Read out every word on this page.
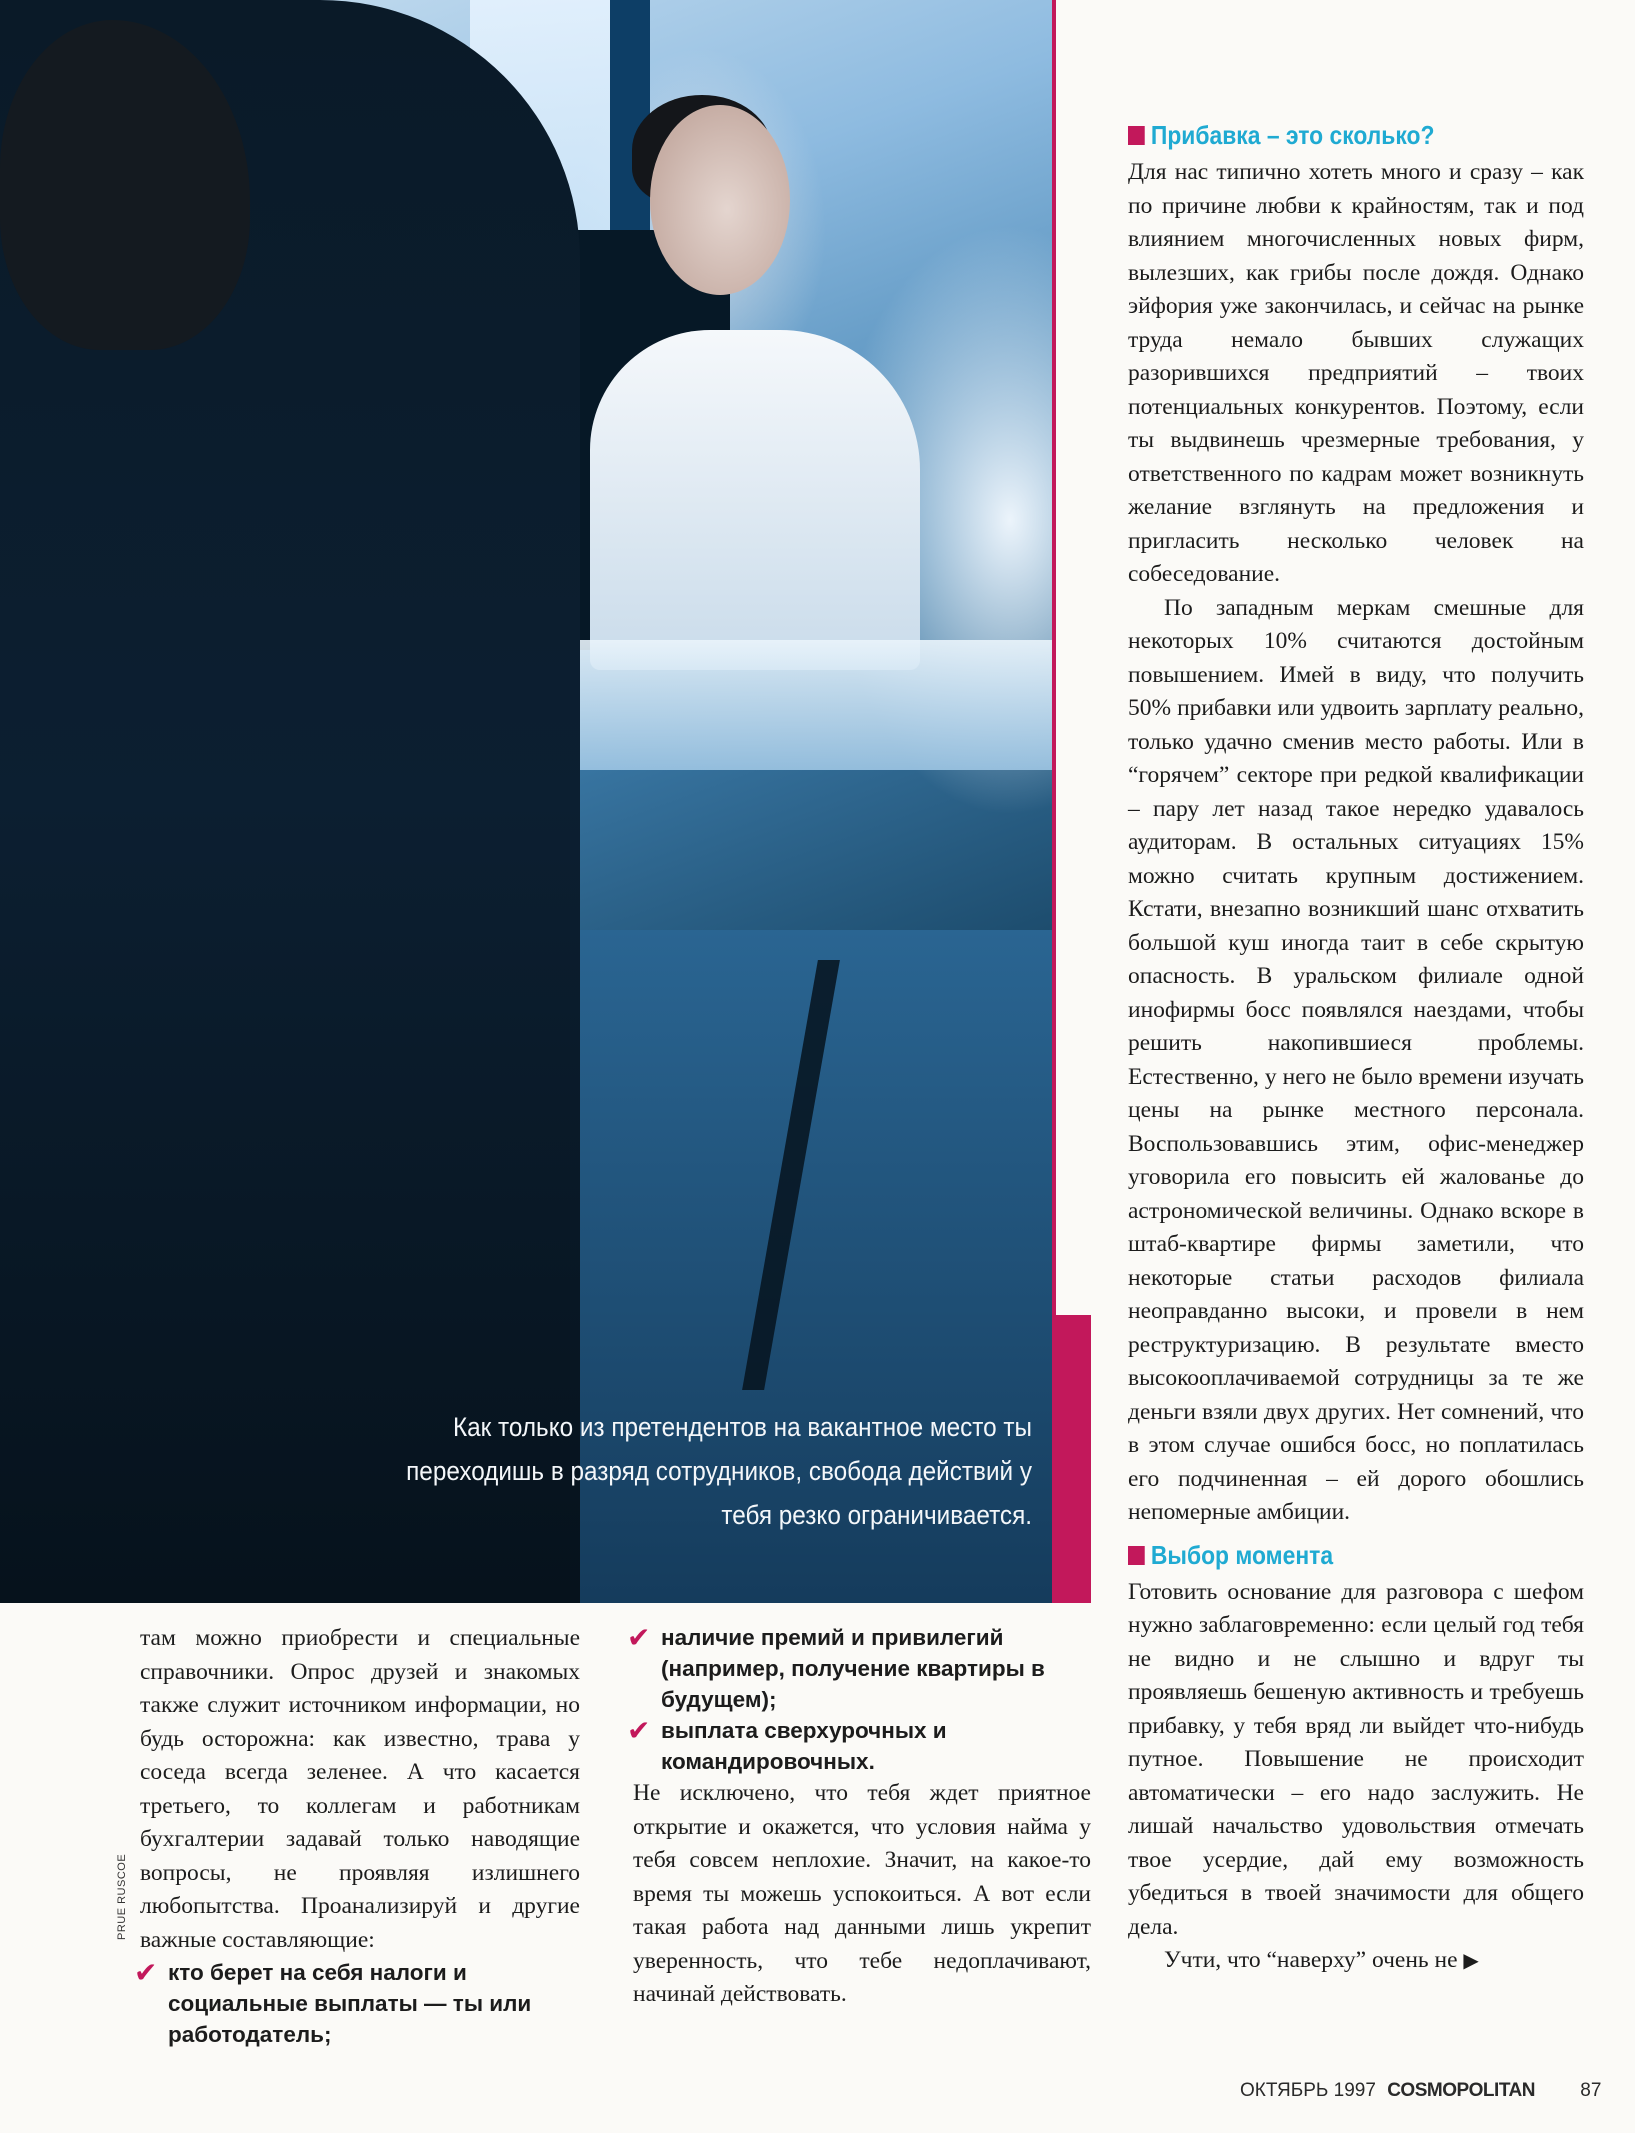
Как только из претендентов на вакантное место ты переходишь в разряд сотрудников, свобода действий у тебя резко ограничивается.

там можно приобрести и специальные справочники. Опрос друзей и знакомых также служит источником информации, но будь осторожна: как известно, трава у соседа всегда зеленее. А что касается третьего, то коллегам и работникам бухгалтерии задавай только наводящие вопросы, не проявляя излишнего любопытства. Проанализируй и другие важные составляющие:

✔ кто берет на себя налоги и социальные выплаты — ты или работодатель;
✔ наличие премий и привилегий (например, получение квартиры в будущем);
✔ выплата сверхурочных и командировочных.

Не исключено, что тебя ждет приятное открытие и окажется, что условия найма у тебя совсем неплохие. Значит, на какое-то время ты можешь успокоиться. А вот если такая работа над данными лишь укрепит уверенность, что тебе недоплачивают, начинай действовать.

Прибавка – это сколько?

Для нас типично хотеть много и сразу – как по причине любви к крайностям, так и под влиянием многочисленных новых фирм, вылезших, как грибы после дождя. Однако эйфория уже закончилась, и сейчас на рынке труда немало бывших служащих разорившихся предприятий – твоих потенциальных конкурентов. Поэтому, если ты выдвинешь чрезмерные требования, у ответственного по кадрам может возникнуть желание взглянуть на предложения и пригласить несколько человек на собеседование.

По западным меркам смешные для некоторых 10% считаются достойным повышением. Имей в виду, что получить 50% прибавки или удвоить зарплату реально, только удачно сменив место работы. Или в “горячем” секторе при редкой квалификации – пару лет назад такое нередко удавалось аудиторам. В остальных ситуациях 15% можно считать крупным достижением. Кстати, внезапно возникший шанс отхватить большой куш иногда таит в себе скрытую опасность. В уральском филиале одной инофирмы босс появлялся наездами, чтобы решить накопившиеся проблемы. Естественно, у него не было времени изучать цены на рынке местного персонала. Воспользовавшись этим, офис-менеджер уговорила его повысить ей жалованье до астрономической величины. Однако вскоре в штаб-квартире фирмы заметили, что некоторые статьи расходов филиала неоправданно высоки, и провели в нем реструктуризацию. В результате вместо высокооплачиваемой сотрудницы за те же деньги взяли двух других. Нет сомнений, что в этом случае ошибся босс, но поплатилась его подчиненная – ей дорого обошлись непомерные амбиции.

Выбор момента

Готовить основание для разговора с шефом нужно заблаговременно: если целый год тебя не видно и не слышно и вдруг ты проявляешь бешеную активность и требуешь прибавку, у тебя вряд ли выйдет что-нибудь путное. Повышение не происходит автоматически – его надо заслужить. Не лишай начальство удовольствия отмечать твое усердие, дай ему возможность убедиться в твоей значимости для общего дела.

Учти, что “наверху” очень не ▶

PRUE RUSCOE
ОКТЯБРЬ 1997 COSMOPOLITAN 87
